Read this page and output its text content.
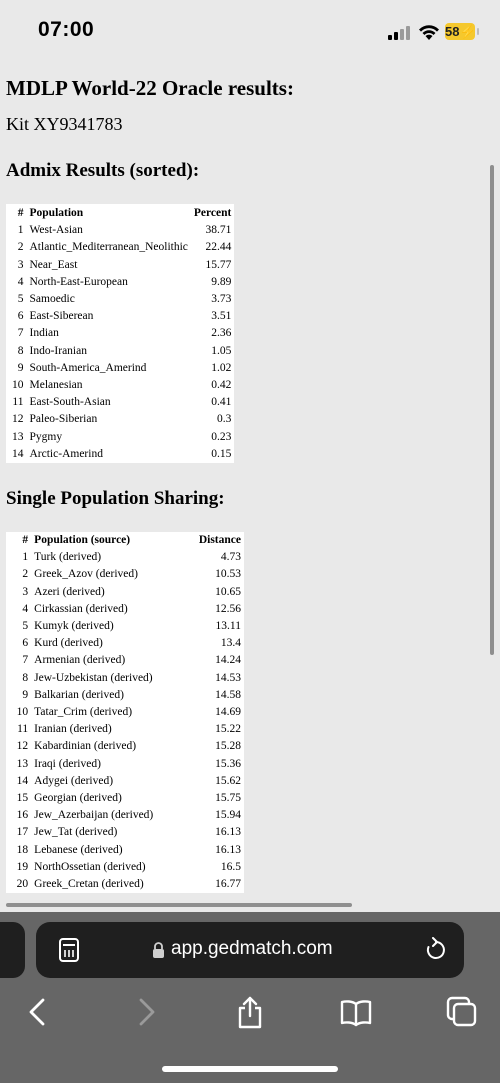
07:00	58⚡
MDLP World-22 Oracle results:
Kit XY9341783
Admix Results (sorted):
#	Population	Percent
1	West-Asian	38.71
2	Atlantic_Mediterranean_Neolithic	22.44
3	Near_East	15.77
4	North-East-European	9.89
5	Samoedic	3.73
6	East-Siberean	3.51
7	Indian	2.36
8	Indo-Iranian	1.05
9	South-America_Amerind	1.02
10	Melanesian	0.42
11	East-South-Asian	0.41
12	Paleo-Siberian	0.3
13	Pygmy	0.23
14	Arctic-Amerind	0.15
Single Population Sharing:
#	Population (source)	Distance
1	Turk (derived)	4.73
2	Greek_Azov (derived)	10.53
3	Azeri (derived)	10.65
4	Cirkassian (derived)	12.56
5	Kumyk (derived)	13.11
6	Kurd (derived)	13.4
7	Armenian (derived)	14.24
8	Jew-Uzbekistan (derived)	14.53
9	Balkarian (derived)	14.58
10	Tatar_Crim (derived)	14.69
11	Iranian (derived)	15.22
12	Kabardinian (derived)	15.28
13	Iraqi (derived)	15.36
14	Adygei (derived)	15.62
15	Georgian (derived)	15.75
16	Jew_Azerbaijan (derived)	15.94
17	Jew_Tat (derived)	16.13
18	Lebanese (derived)	16.13
19	NorthOssetian (derived)	16.5
20	Greek_Cretan (derived)	16.77
app.gedmatch.com
